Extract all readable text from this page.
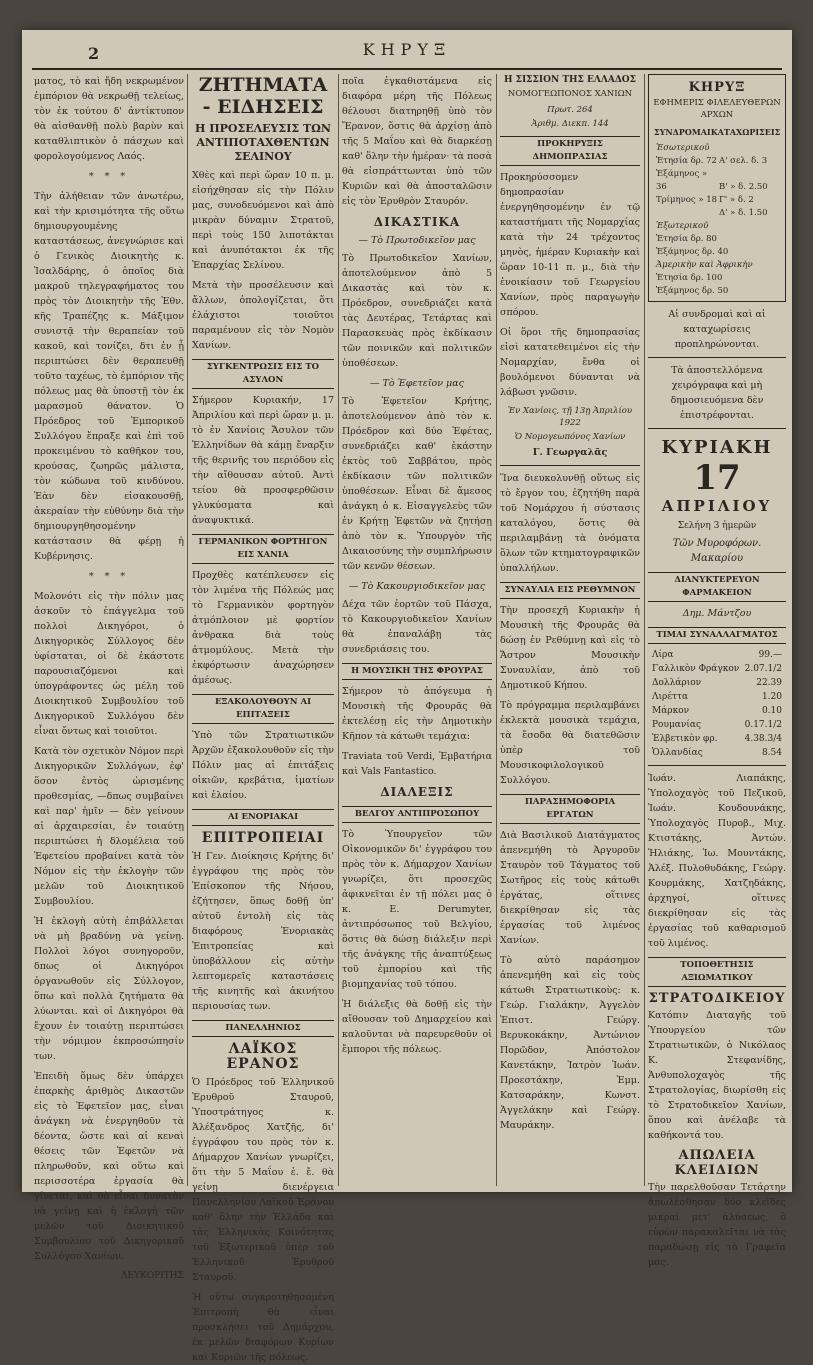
2	ΚΗΡΥΞ

ματος, τὸ καὶ ἤδη νεκρωμένον ἐμπόριον θὰ νεκρωθῇ τελείως, τὸν ἐκ τούτου δ' ἀντίκτυπον θὰ αἰσθανθῇ πολὺ βαρὺν καὶ καταθλιπτικὸν ὁ πάσχων καὶ φορολογούμενος Λαός.

* * *

Τὴν ἀλήθειαν τῶν ἀνωτέρω, καὶ τὴν κρισιμότητα τῆς οὕτω δημιουργουμένης καταστάσεως, ἀνεγνώρισε καὶ ὁ Γενικὸς Διοικητὴς κ. Ἰσαλδάρης, ὁ ὁποῖος διὰ μακροῦ τηλεγραφήματος του πρὸς τὸν Διοικητὴν τῆς Ἐθν. κῆς Τραπέζης κ. Μάξιμον συνιστᾷ τὴν θεραπείαν τοῦ κακοῦ, καὶ τονίζει, δτι ἐν ᾗ περιπτώσει δὲν θεραπευθῇ τοῦτο ταχέως, τὸ ἐμπόριον τῆς πόλεως μας θὰ ὑποστῇ τὸν ἐκ μαρασμοῦ θάνατον. Ὁ Πρόεδρος τοῦ Ἐμπορικοῦ Συλλόγου ἔπραξε καὶ ἐπὶ τοῦ προκειμένου τὸ καθῆκον του, κρούσας, ζωηρῶς μάλιστα, τὸν κώδωνα τοῦ κινδύνου. Ἐὰν δὲν εἰσακουσθῇ, ἀκεραίαν τὴν εὐθύνην διὰ τὴν δημιουργηθησομένην κατάστασιν θὰ φέρῃ ἡ Κυβέρνησις.

* * *

Μολονότι εἰς τὴν πόλιν μας ἀσκοῦν τὸ ἐπάγγελμα τοῦ πολλοὶ Δικηγόροι, ὁ Δικηγορικὸς Σύλλογος δὲν ὑφίσταται, οἱ δὲ ἑκάστοτε παρουσιαζόμενοι καὶ ὑπογράφοντες ὡς μέλη τοῦ Διοικητικοῦ Συμβουλίου τοῦ Δικηγορικοῦ Συλλόγου δὲν εἶναι ὄντως καὶ τοιοῦτοι.

Κατὰ τὸν σχετικὸν Νόμον περὶ Δικηγορικῶν Συλλόγων, ἐφ' ὅσον ἐντὸς ὡρισμένης προθεσμίας, —δπως συμβαίνει καὶ παρ' ἡμῖν — δὲν γείνουν αἱ ἀρχαιρεσίαι, ἐν τοιαύτῃ περιπτώσει ἡ δλομέλεια τοῦ Ἐφετείου προβαίνει κατὰ τὸν Νόμον εἰς τὴν ἐκλογὴν τῶν μελῶν τοῦ Διοικητικοῦ Συμβουλίου.

Ἡ ἐκλογὴ αὐτὴ ἐπιβάλλεται νὰ μὴ βραδύνῃ νὰ γείνῃ. Πολλοὶ λόγοι συνηγοροῦν, δπως οἱ Δικηγόροι ὀργανωθοῦν εἰς Σύλλογον, ὅπω καὶ πολλὰ ζητήματα θὰ λύωνται. καὶ οἱ Δικηγόροι θὰ ἔχουν ἐν τοιαύτῃ περιπτώσει τὴν νόμιμον ἐκπροσώπησίν των.

Ἐπειδὴ ὅμως δὲν ὑπάρχει ἐπαρκὴς ἀριθμὸς Δικαστῶν εἰς τὸ Ἐφετεῖον μας, εἶναι ἀνάγκη νὰ ἐνεργηθοῦν τὰ δέοντα, ὥστε καὶ αἱ κεναὶ θέσεις τῶν Ἐφετῶν νὰ πληρωθοῦν, καὶ οὕτω καὶ περισσοτέρα ἐργασία θὰ γίνεται, καὶ θὰ εἶναι δυνατὸν νὰ γείνῃ καὶ ἡ ἐκλογὴ τῶν μελῶν τοῦ Διοικητικοῦ Συμβουλίου τοῦ Δικηγορικοῦ Συλλόγου Χανίων.

ΛΕΥΚΟΡΙΤΗΣ
ΖΗΤΗΜΑΤΑ - ΕΙΔΗΣΕΙΣ
Η ΠΡΟΣΕΛΕΥΣΙΣ ΤΩΝ ΑΝΤΙΠΟΤΑΧΘΕΝΤΩΝ ΣΕΛΙΝΟΥ

Χθὲς καὶ περὶ ὥραν 10 π. μ. εἰσήχθησαν εἰς τὴν Πόλιν μας, συνοδευόμενοι καὶ ἀπὸ μικρὰν δύναμιν Στρατοῦ, περὶ τοὺς 150 λιποτάκται καὶ ἀνυπότακτοι ἐκ τῆς Ἐπαρχίας Σελίνου.

Μετὰ τὴν προσέλευσιν καὶ ἄλλων, ὁπολογίζεται, ὅτι ἐλάχιστοι τοιοῦτοι παραμένουν εἰς τὸν Νομὸν Χανίων.

ΣΥΓΚΕΝΤΡΩΣΙΣ ΕΙΣ ΤΟ ΑΣΥΛΟΝ

Σήμερον Κυριακήν, 17 Ἀπριλίου καὶ περὶ ὥραν μ. μ. τὸ ἐν Χανίοις Ἄσυλον τῶν Ἑλληνίδων θὰ κάμῃ ἔναρξιν τῆς θερινῆς του περιόδου εἰς τὴν αἴθουσαν αὐτοῦ. Ἀντὶ τείου θὰ προσφερθῶσιν γλυκύσματα καὶ ἀναψυκτικά.

ΓΕΡΜΑΝΙΚΟΝ ΦΟΡΤΗΓΟΝ ΕΙΣ ΧΑΝΙΑ

Προχθὲς κατέπλευσεν εἰς τὸν λιμένα τῆς Πόλεώς μας τὸ Γερμανικὸν φορτηγὸν ἀτμόπλοιον μὲ φορτίον ἀνθρακα διὰ τοὺς ἀτμομύλους. Μετὰ τὴν ἐκφόρτωσιν ἀναχώρησεν ἀμέσως.

ΕΞΑΚΟΛΟΥΘΟΥΝ ΑΙ ΕΠΙΤΑΞΕΙΣ

Ὑπὸ τῶν Στρατιωτικῶν Ἀρχῶν ἐξακολουθοῦν εἰς τὴν Πόλιν μας αἱ ἐπιτάξεις οἰκιῶν, κρεβάτια, ἰματίων καὶ ἐλαίου.

ΑΙ ΕΝΟΡΙΑΚΑΙ
ΕΠΙΤΡΟΠΕΙΑΙ

Ἡ Γεν. Διοίκησις Κρήτης δι' ἐγγράφου της πρὸς τὸν Ἐπίσκοπον τῆς Νήσου, ἐζήτησεν, ὅπως δοθῇ ὑπ' αὐτοῦ ἐντολὴ εἰς τὰς διαφόρους Ἐνοριακὰς Ἐπιτροπείας καὶ ὑποβάλλουν εἰς αὐτὴν λεπτομερεῖς καταστάσεις τῆς κινητῆς καὶ ἀκινήτου περιουσίας των.

ΠΑΝΕΛΛΗΝΙΟΣ
ΛΑΪΚΟΣ ΕΡΑΝΟΣ

Ὁ Πρόεδρος τοῦ Ἑλληνικοῦ Ἐρυθροῦ Σταυροῦ, Ὑποστράτηγος κ. Ἀλέξανδρος Χατζῆς, δι' ἐγγράφου του πρὸς τὸν κ. Δήμαρχον Χανίων γνωρίζει, ὅτι τὴν 5 Μαΐου ἐ. ἔ. θὰ γείνῃ διενέργεια Πανελληνίου Λαϊκοῦ Ἐράνου καθ' ὅλην τὴν Ἑλλάδα καὶ τὰς Ἑλληνικὰς Κοινότητας τοῦ Ἐξωτερικοῦ ὑπὲρ τοῦ Ἑλληνικοῦ Ἐρυθροῦ Σταυροῦ.

Ἡ οὕτω συγκροτηθησομένη Ἐπιτροπὴ θὰ εἶναι προσκλήσει τοῦ Δημάρχου, ἐκ μελῶν διαφόρων Κυρίων καὶ Κυριῶν τῆς πόλεως.

ποῖα ἐγκαθιστάμενα εἰς διαφόρα μέρη τῆς Πόλεως θέλουσι διατηρηθῇ ὑπὸ τὸν Ἔρανον, ὅστις θὰ ἀρχίσῃ ἀπὸ τῆς 5 Μαΐου καὶ θὰ διαρκέσῃ καθ' ὅλην τὴν ἡμέραν· τὰ ποσὰ θὰ εἰσπράττωνται ὑπὸ τῶν Κυριῶν καὶ θὰ ἀποσταλῶσιν εἰς τὸν Ἐρυθρὸν Σταυρόν.

ΔΙΚΑΣΤΙΚΑ
— Τὸ Πρωτοδικεῖον μας

Τὸ Πρωτοδικεῖον Χανίων, ἀποτελούμενον ἀπὸ 5 Δικαστὰς καὶ τὸν κ. Πρόεδρον, συνεδριάζει κατὰ τὰς Δευτέρας, Τετάρτας καὶ Παρασκευὰς πρὸς ἐκδίκασιν τῶν ποινικῶν καὶ πολιτικῶν ὑποθέσεων.

— Τὸ Ἐφετεῖον μας

Τὸ Ἐφετεῖον Κρήτης, ἀποτελούμενον ἀπὸ τὸν κ. Πρόεδρον καὶ δύο Ἐφέτας, συνεδριάζει καθ' ἑκάστην ἐκτὸς τοῦ Σαββάτου, πρὸς ἐκδίκασιν τῶν πολιτικῶν ὑποθέσεων. Εἶναι δὲ ἄμεσος ἀνάγκη ὁ κ. Εἰσαγγελεὺς τῶν ἐν Κρήτῃ Ἐφετῶν νὰ ζητήσῃ ἀπὸ τὸν κ. Ὑπουργὸν τῆς Δικαιοσύνης τὴν συμπλήρωσιν τῶν κενῶν θέσεων.

— Τὸ Κακουργιοδικεῖον μας

Δέχα τῶν ἐορτῶν τοῦ Πάσχα, τὸ Κακουργιοδικεῖον Χανίων θὰ ἐπαναλάβῃ τὰς συνεδριάσεις του.

Η ΜΟΥΣΙΚΗ ΤΗΣ ΦΡΟΥΡΑΣ

Σήμερον τὸ ἀπόγευμα ἡ Μουσικὴ τῆς Φρουρᾶς θὰ ἐκτελέσῃ εἰς τὴν Δημοτικὴν Κῆπον τὰ κάτωθι τεμάχια:

Traviata τοῦ Verdi, Ἐμβατήρια καὶ Vals Fantastico.

ΔΙΑΛΕΞΙΣ
ΒΕΛΓΟΥ ΑΝΤΙΠΡΟΣΩΠΟΥ

Τὸ Ὑπουργεῖον τῶν Οἰκονομικῶν δι' ἐγγράφου του πρὸς τὸν κ. Δήμαρχον Χανίων γνωρίζει, ὅτι προσεχῶς ἀφικνεῖται ἐν τῇ πόλει μας ὁ κ. E. Derumyter, ἀντιπρόσωπος τοῦ Βελγίου, ὅστις θὰ δώσῃ διάλεξιν περὶ τῆς ἀνάγκης τῆς ἀναπτύξεως τοῦ ἐμπορίου καὶ τῆς βιομηχανίας τοῦ τόπου.

Ἡ διάλεξις θὰ δοθῇ εἰς τὴν αἴθουσαν τοῦ Δημαρχείου καὶ καλοῦνται νὰ παρευρεθοῦν οἱ ἔμποροι τῆς πόλεως.

Η ΣΙΣΣΙΟΝ ΤΗΣ ΕΛΛΑΔΟΣ
ΝΟΜΟΓΕΩΠΟΝΟΣ ΧΑΝΙΩΝ
Πρωτ. 264
Ἀριθμ. Διεκπ. 144
ΠΡΟΚΗΡΥΞΙΣ ΔΗΜΟΠΡΑΣΙΑΣ

Προκηρύσσομεν δημοπρασίαν ἐνεργηθησομένην ἐν τῷ καταστήματι τῆς Νομαρχίας κατὰ τὴν 24 τρέχοντος μηνὸς, ἡμέραν Κυριακὴν καὶ ὥραν 10-11 π. μ., διὰ τὴν ἐνοικίασιν τοῦ Γεωργείου Χανίων, πρὸς παραγωγὴν σπόρου.

Οἱ ὅροι τῆς δημοπρασίας εἰσὶ κατατεθειμένοι εἰς τὴν Νομαρχίαν, ἔνθα οἱ βουλόμενοι δύνανται νὰ λάβωσι γνῶσιν.

Ἐν Χανίοις, τῇ 13ῃ Ἀπριλίου 1922
Ὁ Νομογεωπόνος Χανίων
Γ. Γεωργαλᾶς

Ἵνα διευκολυνθῇ οὕτως εἰς τὸ ἔργον του, ἐζητήθη παρὰ τοῦ Νομάρχου ἡ σύστασις καταλόγου, ὅστις θὰ περιλαμβάνῃ τὰ ὀνόματα ὅλων τῶν κτηματογραφικῶν ὑπαλλήλων.

ΣΥΝΑΥΛΙΑ ΕΙΣ ΡΕΘΥΜΝΟΝ

Τὴν προσεχῆ Κυριακὴν ἡ Μουσικὴ τῆς Φρουρᾶς θὰ δώσῃ ἐν Ρεθύμνῃ καὶ εἰς τὸ Ἄστρον Μουσικὴν Συναυλίαν, ἀπὸ τοῦ Δημοτικοῦ Κήπου.

Τὸ πρόγραμμα περιλαμβάνει ἐκλεκτὰ μουσικὰ τεμάχια, τὰ ἔσοδα θὰ διατεθῶσιν ὑπὲρ τοῦ Μουσικοφιλολογικοῦ Συλλόγου.

ΠΑΡΑΣΗΜΟΦΟΡΙΑ ΕΡΓΑΤΩΝ

Διὰ Βασιλικοῦ Διατάγματος ἀπενεμήθη τὸ Ἀργυροῦν Σταυρὸν τοῦ Τάγματος τοῦ Σωτῆρος εἰς τοὺς κάτωθι ἐργάτας, οἵτινες διεκρίθησαν εἰς τὰς ἐργασίας τοῦ λιμένος Χανίων.

Τὸ αὐτὸ παράσημον ἀπενεμήθη καὶ εἰς τοὺς κάτωθι Στρατιωτικοὺς: κ. Γεώρ. Γιαλάκην, Ἀγγελὸν Ἐπιστ. Γεώργ. Βερυκοκάκην, Ἀντώνιον Πορῶδον, Ἀπόστολον Κανετάκην, Ἰατρὸν Ἰωάν. Προεστάκην, Ἐμμ. Κατσαράκην, Κωνστ. Ἀγγελάκην καὶ Γεώργ. Μαυράκην.

ΚΗΡΥΞ
ΕΦΗΜΕΡΙΣ ΦΙΛΕΛΕΥΘΕΡΩΝ ΑΡΧΩΝ
ΣΥΝΔΡΟΜΑΙ ΚΑΤΑΧΩΡΙΣΕΙΣ
Ἐσωτερικοῦ
Ἐτησία δρ. 72 Α' σελ. δ. 3
Ἑξάμηνος » 36	Β' » δ. 2.50
Τρίμηνος » 18 Γ' » δ. 2
Δ' » δ. 1.50
Ἐξωτερικοῦ
Ἐτησία δρ. 80
Ἑξάμηνος δρ. 40
Ἀμερικὴν καὶ Ἀφρικὴν
Ἐτησία δρ. 100
Ἑξάμηνος δρ. 50

Αἱ συνδρομαὶ καὶ αἱ καταχωρίσεις προπληρώνονται.

Τὰ ἀποστελλόμενα χειρόγραφα καὶ μὴ δημοσιευόμενα δὲν ἐπιστρέφονται.

ΚΥΡΙΑΚΗ
17
ΑΠΡΙΛΙΟΥ
Σελήνη 3 ἡμερῶν
Τῶν Μυροφόρων. Μακαρίου
ΔΙΑΝΥΚΤΕΡΕΥΟΝ ΦΑΡΜΑΚΕΙΟΝ
Δημ. Μάντζου
ΤΙΜΑΙ ΣΥΝΑΛΛΑΓΜΑΤΟΣ
Λίρα	99.—
Γαλλικὸν Φράγκον 2.07.1/2
Δολλάριον	22.39
Λιρέττα	1.20
Μάρκον	0.10
Ρουμανίας	0.17.1/2
Ἑλβετικὸν φρ.	4.38.3/4
Ὁλλανδίας	8.54

Ἰωάν. Λιαπάκης, Ὑπολοχαγὸς τοῦ Πεζικοῦ, Ἰωάν. Κουδουνάκης, Ὑπολοχαγὸς Πυροβ., Μιχ. Κτιστάκης, Ἀντών. Ἠλιάκης, Ἰω. Μουντάκης, Ἀλέξ. Πυλοθυδάκης, Γεώργ. Κουρμάκης, Χατζηδάκης, ἀρχηγοί, οἵτινες διεκρίθησαν εἰς τὰς ἐργασίας τοῦ καθαρισμοῦ τοῦ λιμένος.

ΤΟΠΟΘΕΤΗΣΙΣ ΑΞΙΩΜΑΤΙΚΟΥ
ΣΤΡΑΤΟΔΙΚΕΙΟΥ

Κατόπιν Διαταγῆς τοῦ Ὑπουργείου τῶν Στρατιωτικῶν, ὁ Νικόλαος Κ. Στεφανίδης, Ἀνθυπολοχαγὸς τῆς Στρατολογίας, διωρίσθη εἰς τὸ Στρατοδικεῖον Χανίων, ὅπου καὶ ἀνέλαβε τὰ καθήκοντά του.

ΑΠΩΛΕΙΑ ΚΛΕΙΔΙΩΝ

Τὴν παρελθοῦσαν Τετάρτην ἀπωλέσθησαν δύο κλεῖδες μικραὶ μετ' ἁλύσεως, ὁ εὑρὼν παρακαλεῖται νὰ τὰς παραδώσῃ εἰς τὰ Γραφεῖα μας.
